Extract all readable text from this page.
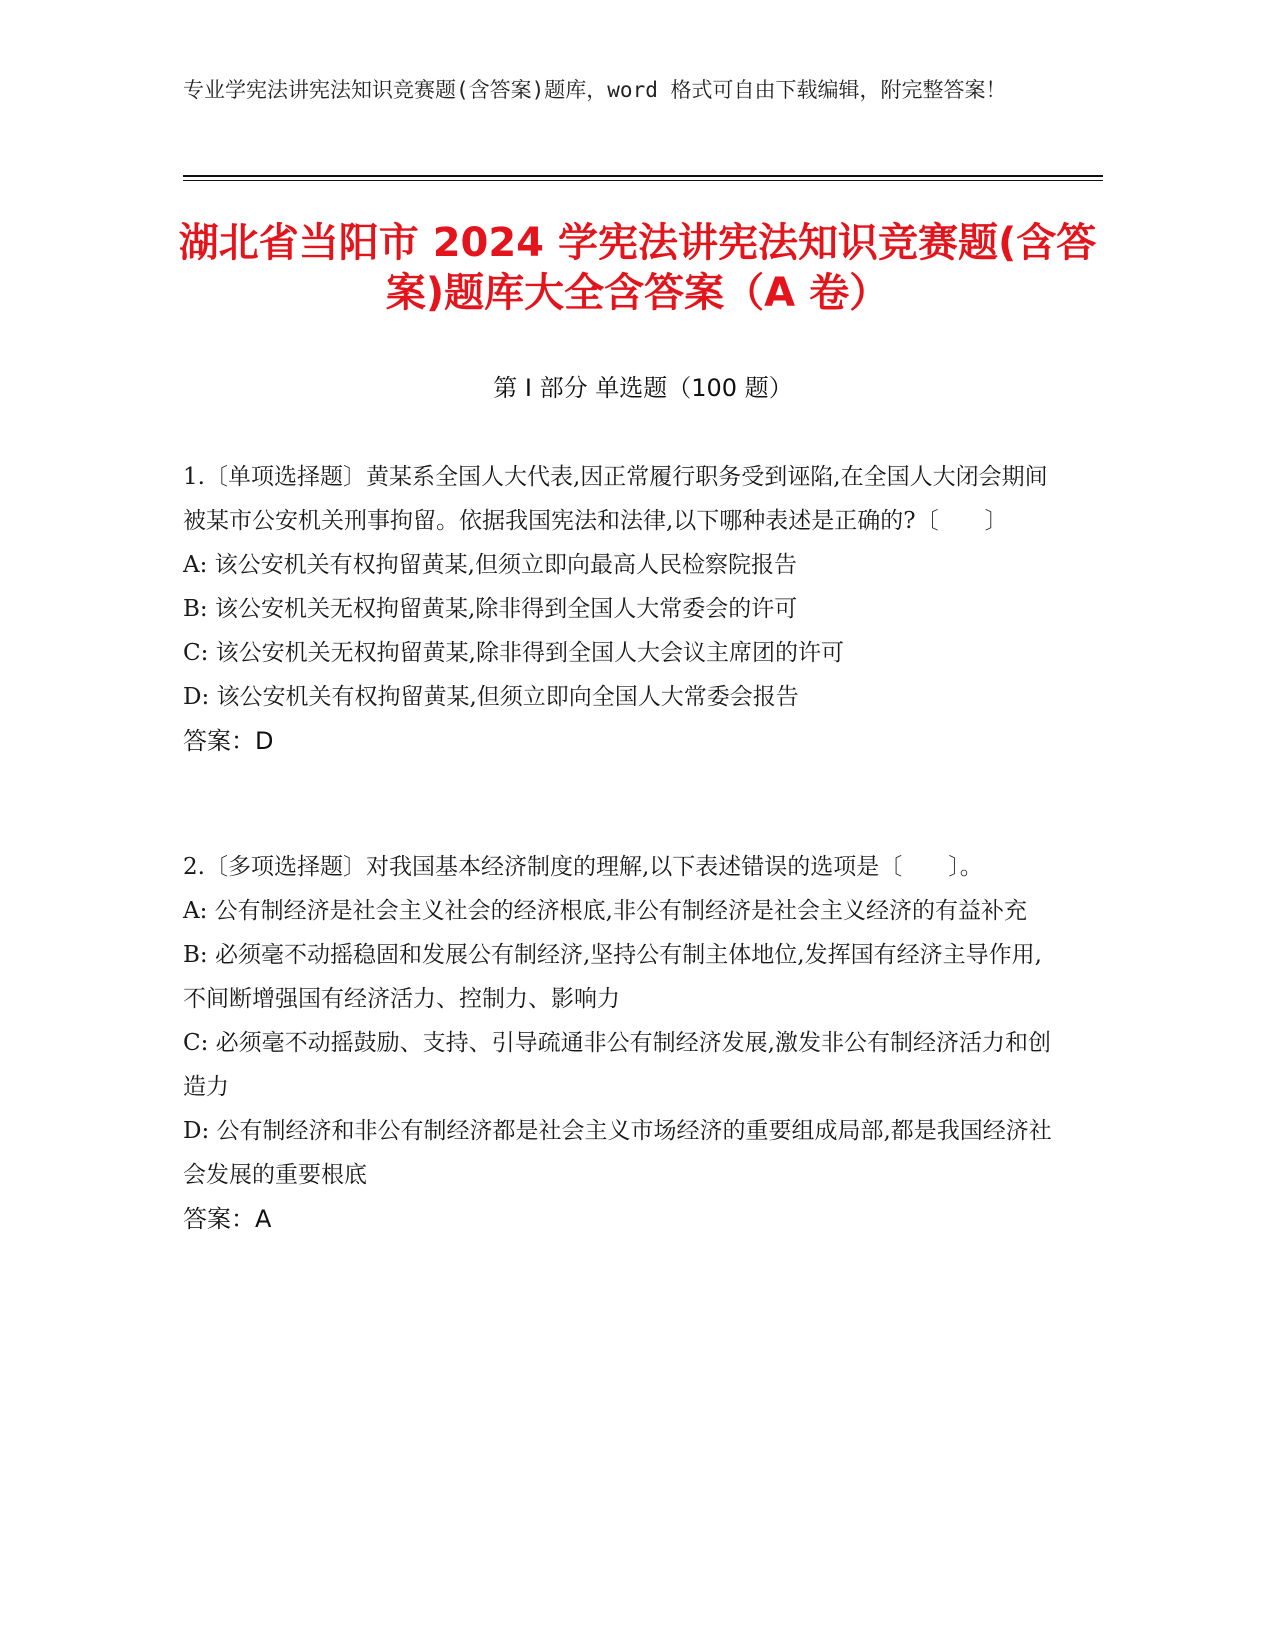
专业学宪法讲宪法知识竞赛题(含答案)题库，word 格式可自由下载编辑，附完整答案！
湖北省当阳市 2024 学宪法讲宪法知识竞赛题(含答案)题库大全含答案（A 卷）
第 I 部分 单选题（100 题）
1.〔单项选择题〕黄某系全国人大代表,因正常履行职务受到诬陷,在全国人大闭会期间被某市公安机关刑事拘留。依据我国宪法和法律,以下哪种表述是正确的?〔　　〕
A: 该公安机关有权拘留黄某,但须立即向最高人民检察院报告
B: 该公安机关无权拘留黄某,除非得到全国人大常委会的许可
C: 该公安机关无权拘留黄某,除非得到全国人大会议主席团的许可
D: 该公安机关有权拘留黄某,但须立即向全国人大常委会报告
答案：D
2.〔多项选择题〕对我国基本经济制度的理解,以下表述错误的选项是〔　　〕。
A: 公有制经济是社会主义社会的经济根底,非公有制经济是社会主义经济的有益补充
B: 必须毫不动摇稳固和发展公有制经济,坚持公有制主体地位,发挥国有经济主导作用,不间断增强国有经济活力、控制力、影响力
C: 必须毫不动摇鼓励、支持、引导疏通非公有制经济发展,激发非公有制经济活力和创造力
D: 公有制经济和非公有制经济都是社会主义市场经济的重要组成局部,都是我国经济社会发展的重要根底
答案：A
